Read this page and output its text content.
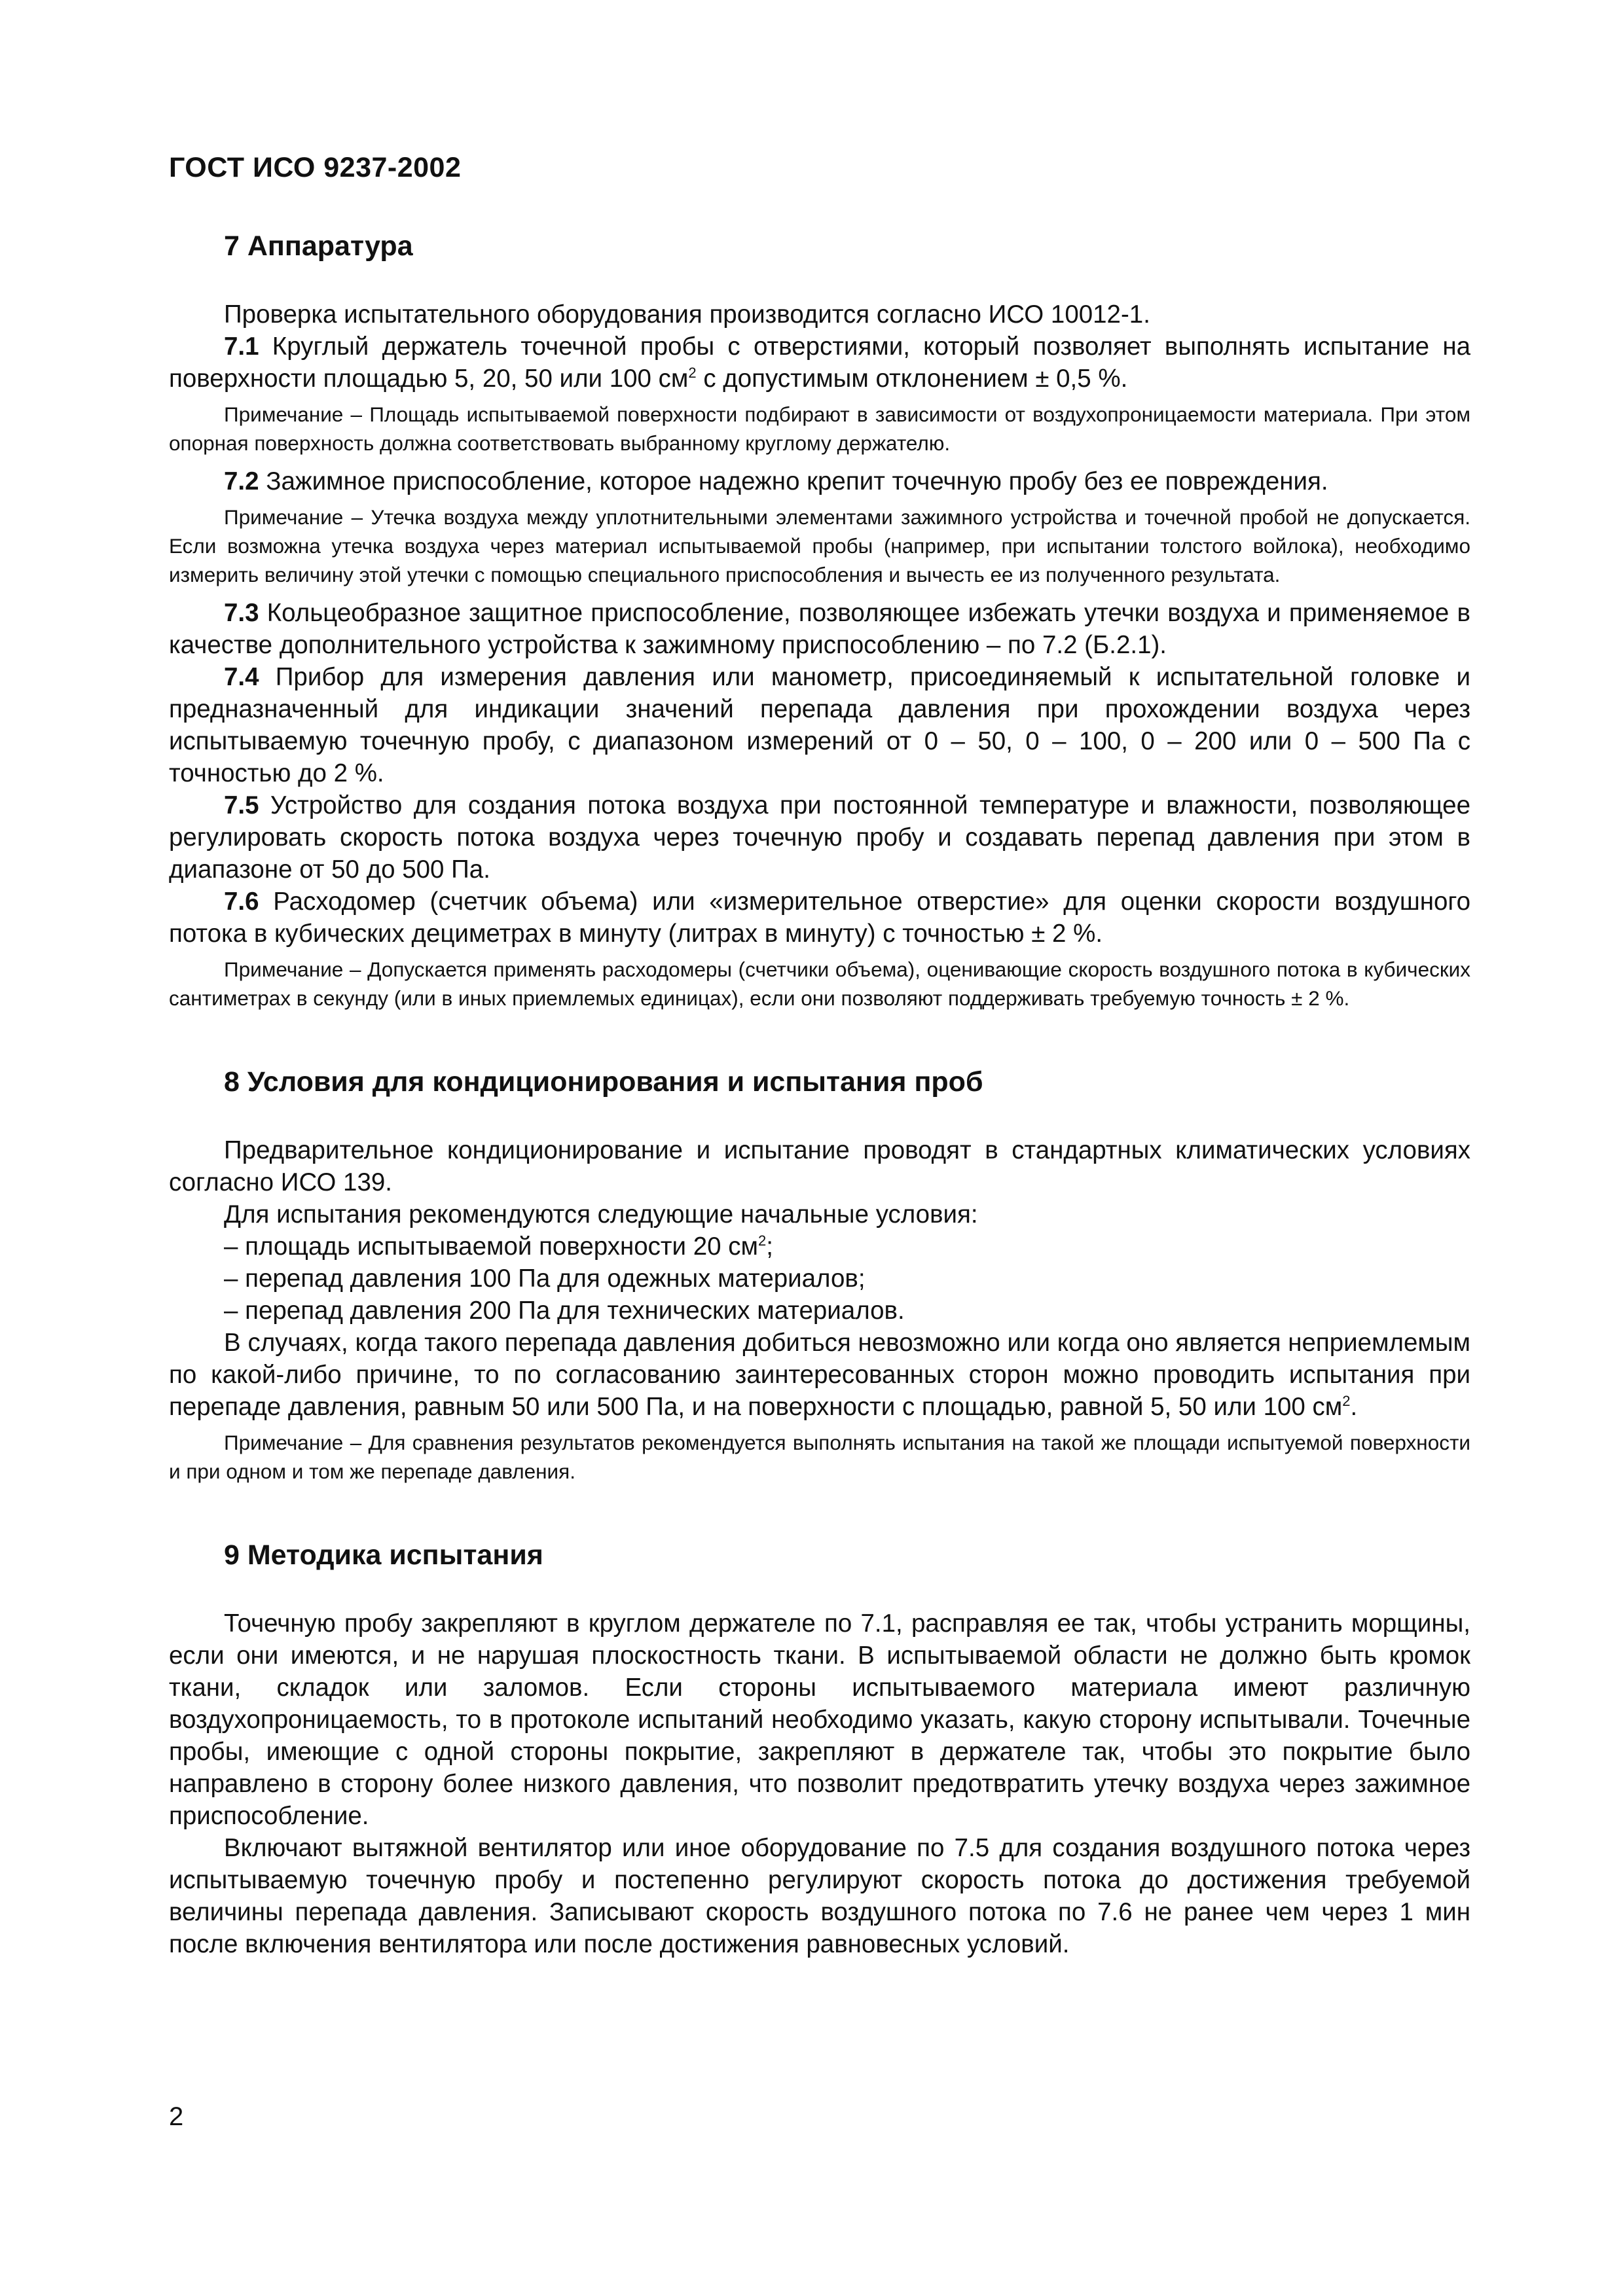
ГОСТ ИСО 9237-2002
7 Аппаратура

Проверка испытательного оборудования производится согласно ИСО 10012-1.

7.1 Круглый держатель точечной пробы с отверстиями, который позволяет выполнять испытание на поверхности площадью 5, 20, 50 или 100 $см^2$ с допустимым отклонением ± 0,5 %.

Примечание – Площадь испытываемой поверхности подбирают в зависимости от воздухопроницаемости материала. При этом опорная поверхность должна соответствовать выбранному круглому держателю.

7.2 Зажимное приспособление, которое надежно крепит точечную пробу без ее повреждения.

Примечание – Утечка воздуха между уплотнительными элементами зажимного устройства и точечной пробой не допускается. Если возможна утечка воздуха через материал испытываемой пробы (например, при испытании толстого войлока), необходимо измерить величину этой утечки с помощью специального приспособления и вычесть ее из полученного результата.

7.3 Кольцеобразное защитное приспособление, позволяющее избежать утечки воздуха и применяемое в качестве дополнительного устройства к зажимному приспособлению – по 7.2 (Б.2.1).

7.4 Прибор для измерения давления или манометр, присоединяемый к испытательной головке и предназначенный для индикации значений перепада давления при прохождении воздуха через испытываемую точечную пробу, с диапазоном измерений от 0 – 50, 0 – 100, 0 – 200 или 0 – 500 Па с точностью до 2 %.

7.5 Устройство для создания потока воздуха при постоянной температуре и влажности, позволяющее регулировать скорость потока воздуха через точечную пробу и создавать перепад давления при этом в диапазоне от 50 до 500 Па.

7.6 Расходомер (счетчик объема) или «измерительное отверстие» для оценки скорости воздушного потока в кубических дециметрах в минуту (литрах в минуту) с точностью ± 2 %.

Примечание – Допускается применять расходомеры (счетчики объема), оценивающие скорость воздушного потока в кубических сантиметрах в секунду (или в иных приемлемых единицах), если они позволяют поддерживать требуемую точность ± 2 %.

8 Условия для кондиционирования и испытания проб

Предварительное кондиционирование и испытание проводят в стандартных климатических условиях согласно ИСО 139.

Для испытания рекомендуются следующие начальные условия:

– площадь испытываемой поверхности 20 $см^2$;

– перепад давления 100 Па для одежных материалов;

– перепад давления 200 Па для технических материалов.

В случаях, когда такого перепада давления добиться невозможно или когда оно является неприемлемым по какой-либо причине, то по согласованию заинтересованных сторон можно проводить испытания при перепаде давления, равным 50 или 500 Па, и на поверхности с площадью, равной 5, 50 или 100 $см^2$.

Примечание – Для сравнения результатов рекомендуется выполнять испытания на такой же площади испытуемой поверхности и при одном и том же перепаде давления.

9 Методика испытания

Точечную пробу закрепляют в круглом держателе по 7.1, расправляя ее так, чтобы устранить морщины, если они имеются, и не нарушая плоскостность ткани. В испытываемой области не должно быть кромок ткани, складок или заломов. Если стороны испытываемого материала имеют различную воздухопроницаемость, то в протоколе испытаний необходимо указать, какую сторону испытывали. Точечные пробы, имеющие с одной стороны покрытие, закрепляют в держателе так, чтобы это покрытие было направлено в сторону более низкого давления, что позволит предотвратить утечку воздуха через зажимное приспособление.

Включают вытяжной вентилятор или иное оборудование по 7.5 для создания воздушного потока через испытываемую точечную пробу и постепенно регулируют скорость потока до достижения требуемой величины перепада давления. Записывают скорость воздушного потока по 7.6 не ранее чем через 1 мин после включения вентилятора или после достижения равновесных условий.

2
